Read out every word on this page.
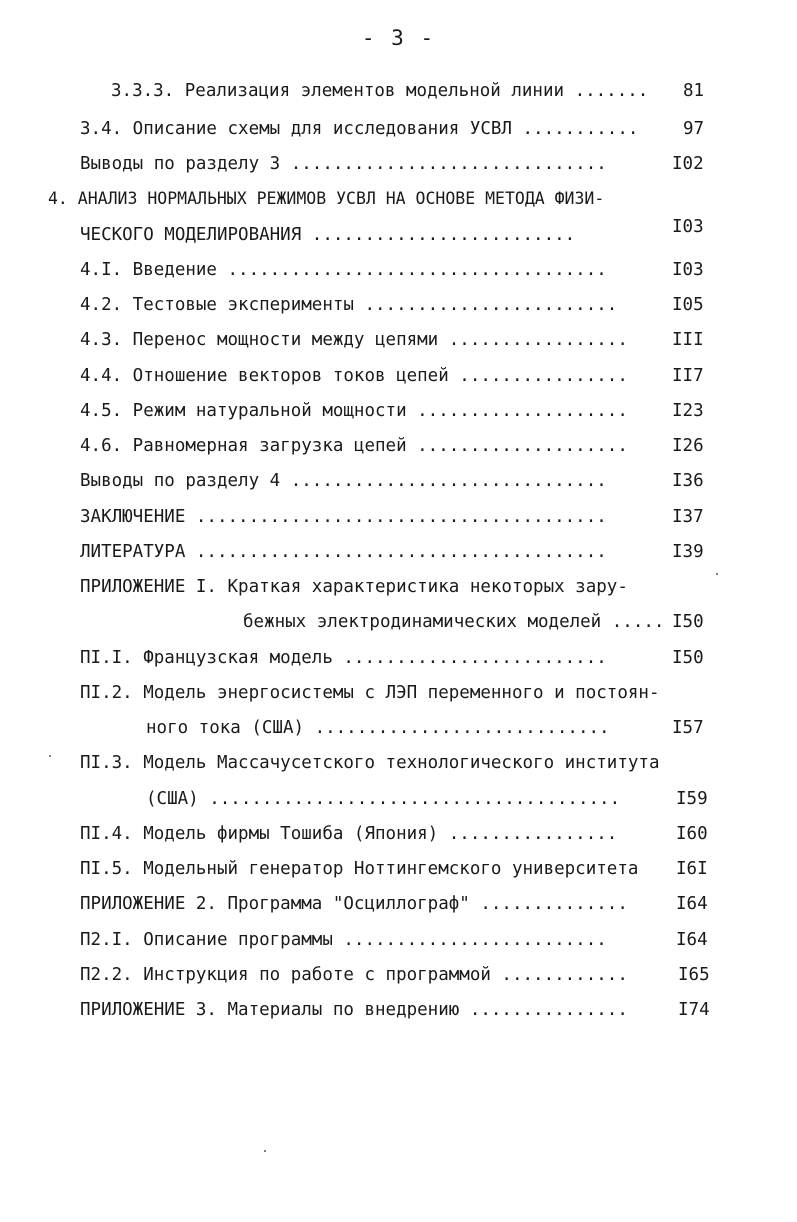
- 3 -
3.3.3. Реализация элементов модельной линии ....... 81
3.4. Описание схемы для исследования УСВЛ ...........	97
Выводы по разделу 3 ..............................	I02
4. АНАЛИЗ НОРМАЛЬНЫХ РЕЖИМОВ УСВЛ НА ОСНОВЕ МЕТОДА ФИЗИ-
ЧЕСКОГО МОДЕЛИРОВАНИЯ .........................	I03
4.I. Введение ....................................	I03
4.2. Тестовые эксперименты ........................	I05
4.3. Перенос мощности между цепями .................	III
4.4. Отношение векторов токов цепей ................	II7
4.5. Режим натуральной мощности ....................	I23
4.6. Равномерная загрузка цепей ....................	I26
Выводы по разделу 4 ..............................	I36
ЗАКЛЮЧЕНИЕ .......................................	I37
ЛИТЕРАТУРА .......................................	I39
ПРИЛОЖЕНИЕ I. Краткая характеристика некоторых зару-
бежных электродинамических моделей ..... I50
ПI.I. Французская модель .........................	I50
ПI.2. Модель энергосистемы с ЛЭП переменного и постоян-
ного тока (США) ............................	I57
ПI.3. Модель Массачусетского технологического института
(США) .......................................	I59
ПI.4. Модель фирмы Тошиба (Япония) ................	I60
ПI.5. Модельный генератор Ноттингемского университета I6I
ПРИЛОЖЕНИЕ 2. Программа "Осциллограф" ..............	I64
П2.I. Описание программы .........................	I64
П2.2. Инструкция по работе с программой ............	I65
ПРИЛОЖЕНИЕ 3. Материалы по внедрению ...............	I74
